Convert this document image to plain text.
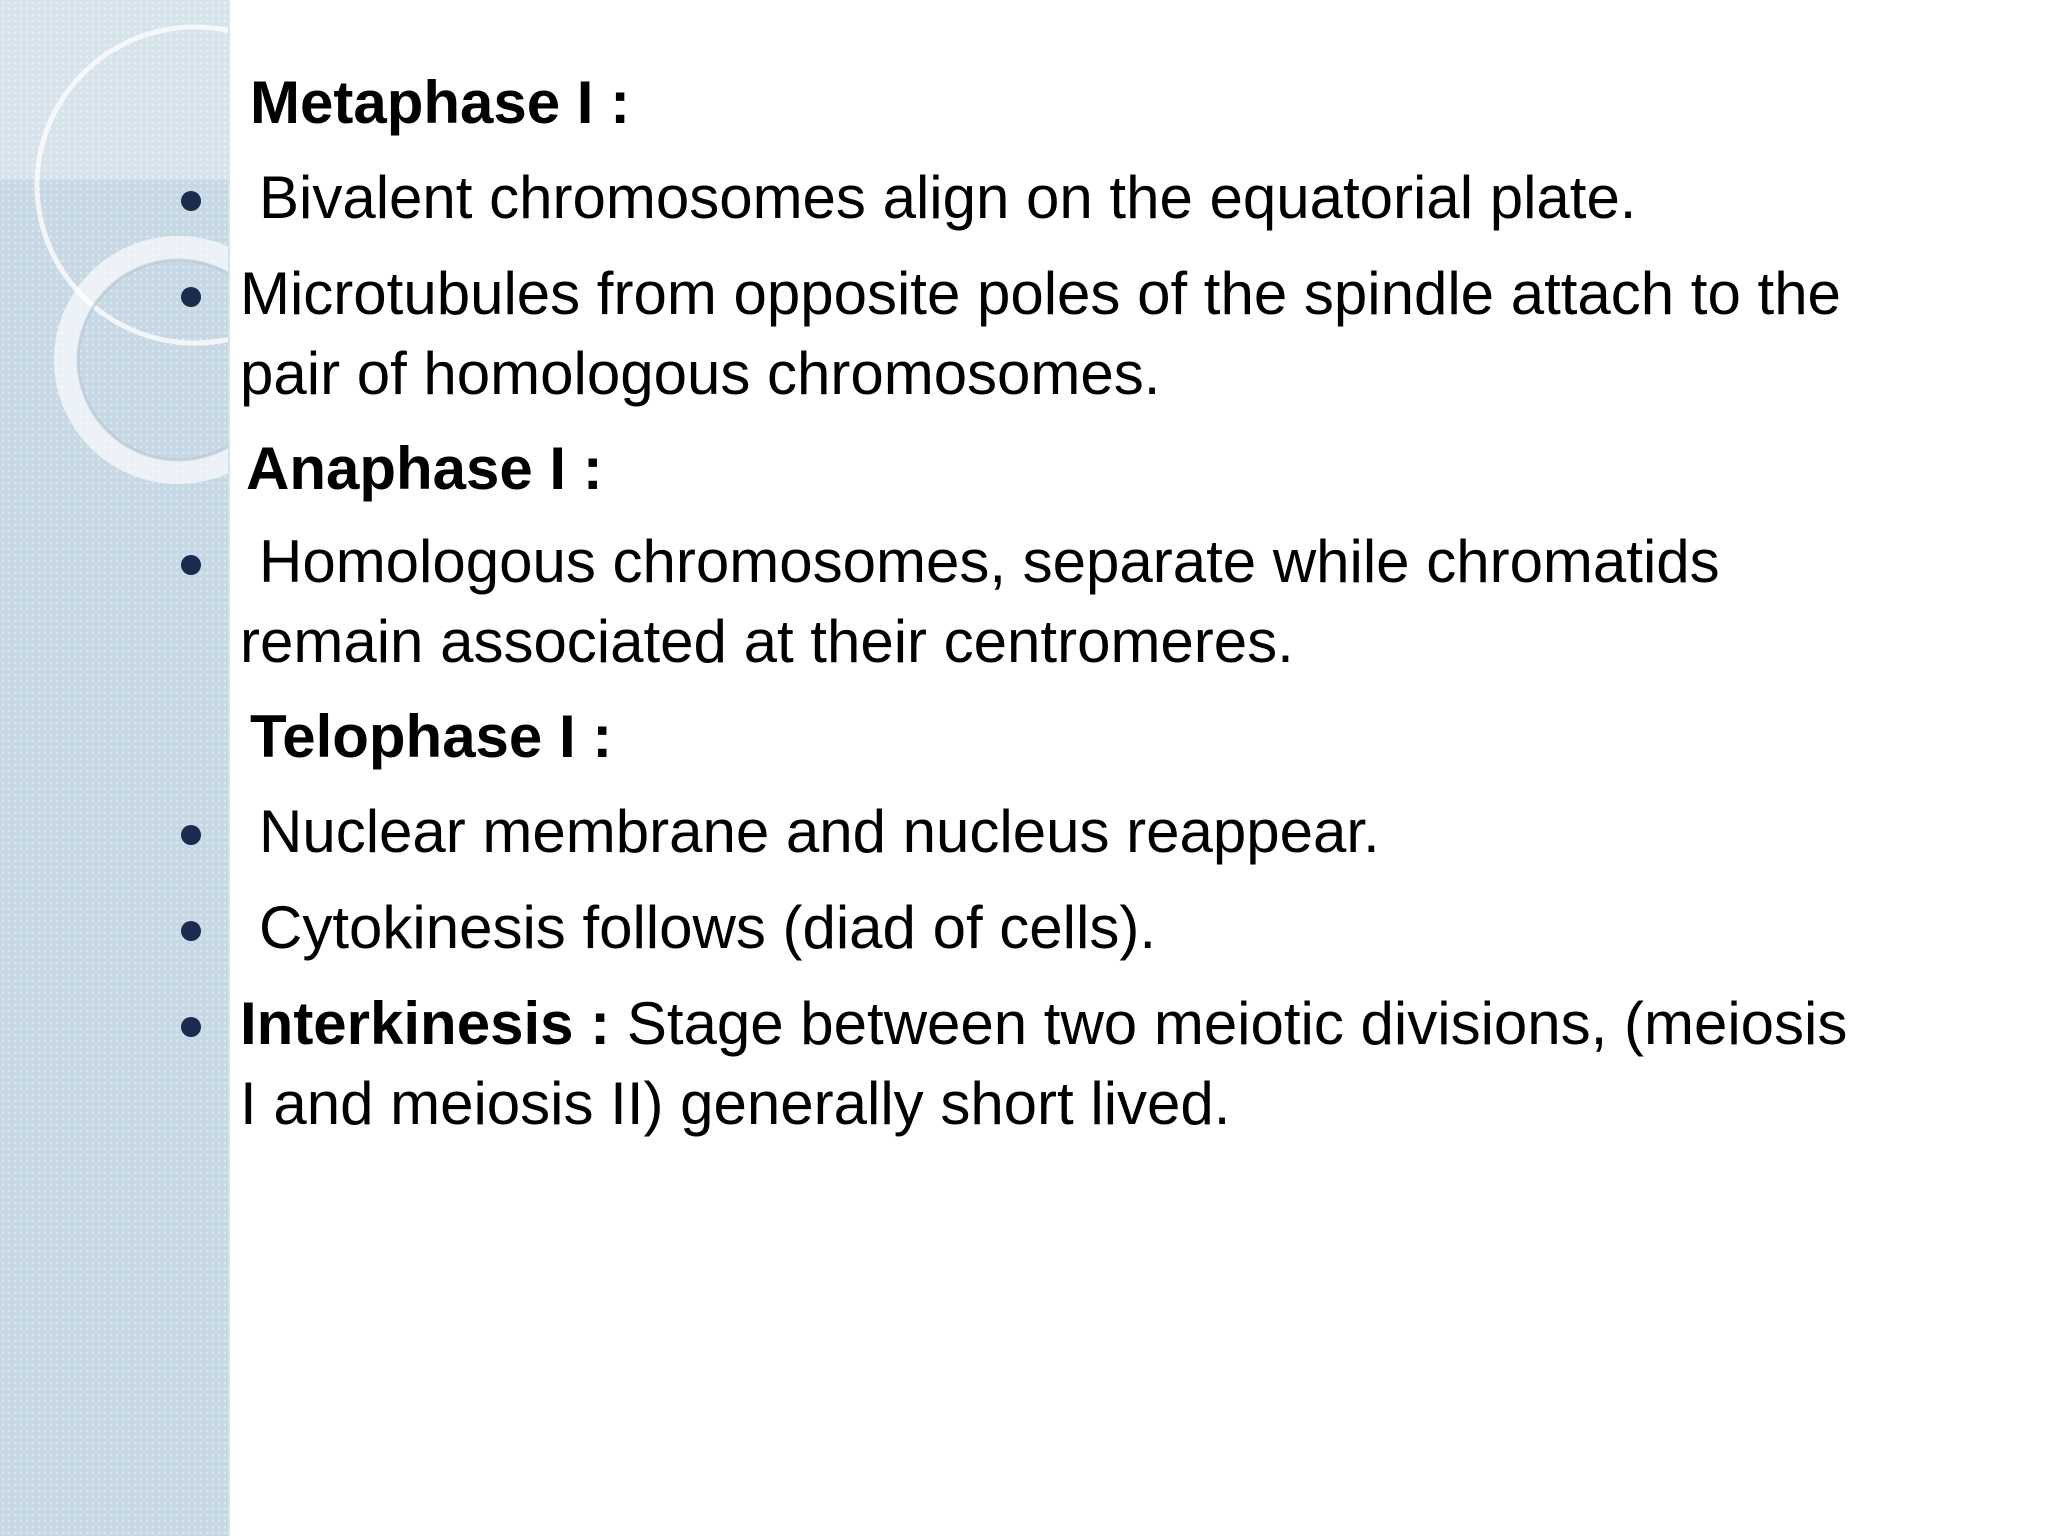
Metaphase I :
Bivalent chromosomes align on the equatorial plate.
Microtubules from opposite poles of the spindle attach to the
pair of homologous chromosomes.
Anaphase I :
Homologous chromosomes, separate while chromatids
remain associated at their centromeres.
Telophase I :
Nuclear membrane and nucleus reappear.
Cytokinesis follows (diad of cells).
Interkinesis : Stage between two meiotic divisions, (meiosis
I and meiosis II) generally short lived.
